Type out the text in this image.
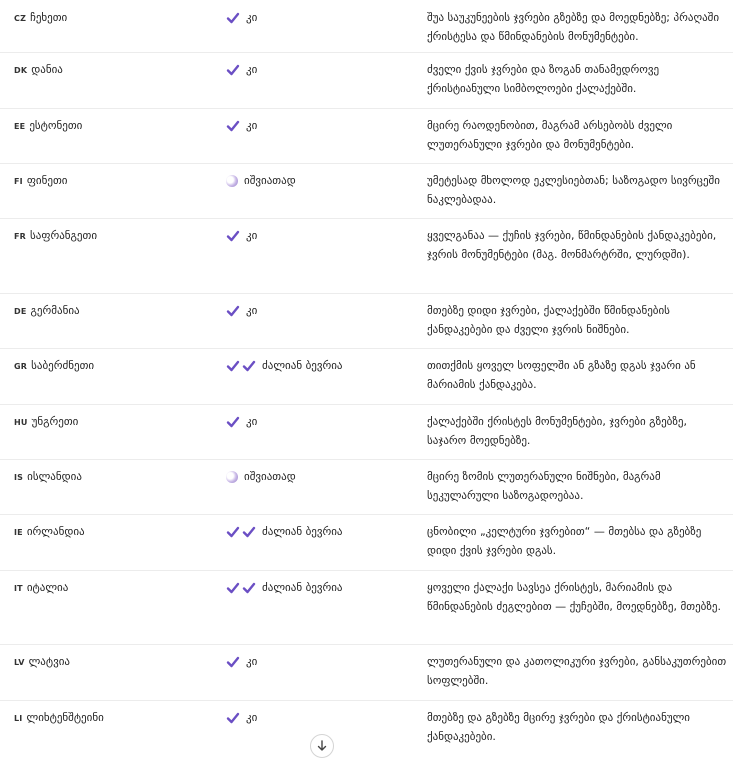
CZ ჩეხეთი	კი	შუა საუკუნეების ჯვრები გზებზე და მოედნებზე; პრაღაში ქრისტესა და წმინდანების მონუმენტები.
DK დანია	კი	ძველი ქვის ჯვრები და ზოგან თანამედროვე ქრისტიანული სიმბოლოები ქალაქებში.
EE ესტონეთი	კი	მცირე რაოდენობით, მაგრამ არსებობს ძველი ლუთერანული ჯვრები და მონუმენტები.
FI ფინეთი	იშვიათად	უმეტესად მხოლოდ ეკლესიებთან; საზოგადო სივრცეში ნაკლებადაა.
FR საფრანგეთი	კი	ყველგანაა — ქუჩის ჯვრები, წმინდანების ქანდაკებები, ჯვრის მონუმენტები (მაგ. მონმარტრში, ლურდში).
DE გერმანია	კი	მთებზე დიდი ჯვრები, ქალაქებში წმინდანების ქანდაკებები და ძველი ჯვრის ნიშნები.
GR საბერძნეთი	ძალიან ბევრია	თითქმის ყოველ სოფელში ან გზაზე დგას ჯვარი ან მარიამის ქანდაკება.
HU უნგრეთი	კი	ქალაქებში ქრისტეს მონუმენტები, ჯვრები გზებზე, საჯარო მოედნებზე.
IS ისლანდია	იშვიათად	მცირე ზომის ლუთერანული ნიშნები, მაგრამ სეკულარული საზოგადოებაა.
IE ირლანდია	ძალიან ბევრია	ცნობილი „კელტური ჯვრებით“ — მთებსა და გზებზე დიდი ქვის ჯვრები დგას.
IT იტალია	ძალიან ბევრია	ყოველი ქალაქი სავსეა ქრისტეს, მარიამის და წმინდანების ძეგლებით — ქუჩებში, მოედნებზე, მთებზე.
LV ლატვია	კი	ლუთერანული და კათოლიკური ჯვრები, განსაკუთრებით სოფლებში.
LI ლიხტენშტეინი	კი	მთებზე და გზებზე მცირე ჯვრები და ქრისტიანული ქანდაკებები.
